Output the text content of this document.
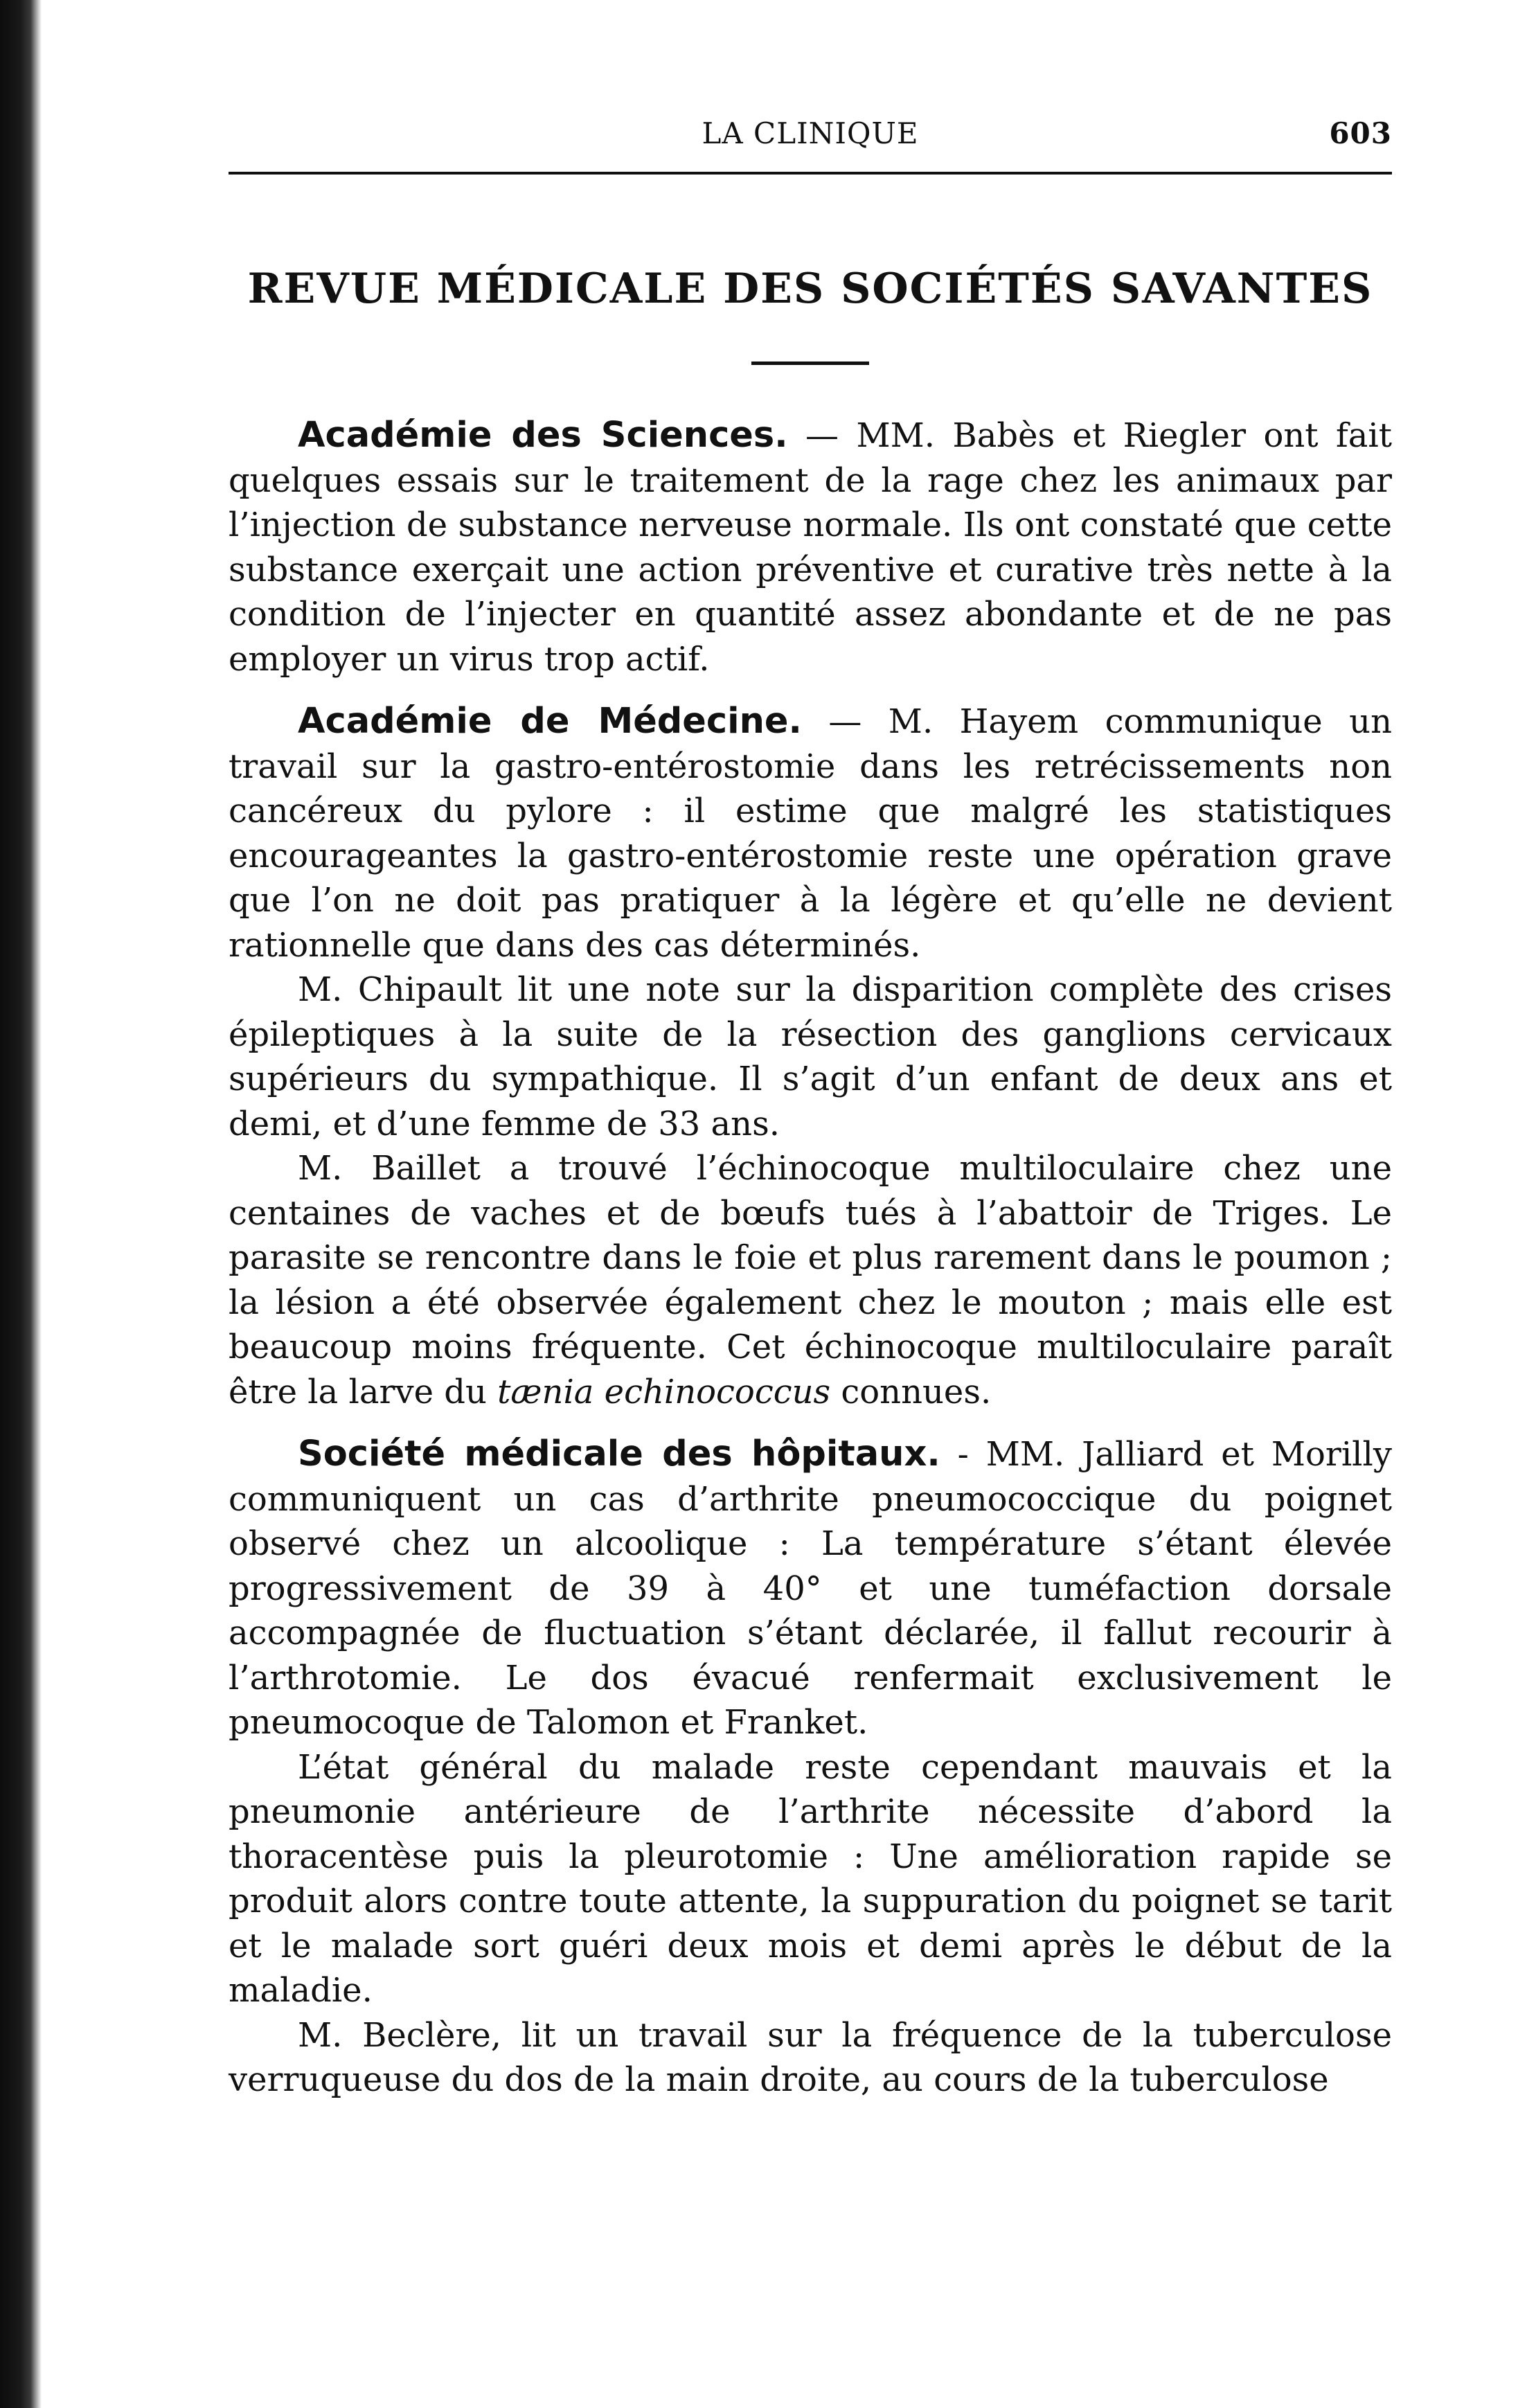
LA CLINIQUE	603
REVUE MÉDICALE DES SOCIÉTÉS SAVANTES

Académie des Sciences. — MM. Babès et Riegler ont fait quelques essais sur le traitement de la rage chez les animaux par l’injection de substance nerveuse normale. Ils ont constaté que cette substance exerçait une action préventive et curative très nette à la condition de l’injecter en quantité assez abondante et de ne pas employer un virus trop actif.

Académie de Médecine. — M. Hayem communique un travail sur la gastro-entérostomie dans les retrécissements non cancéreux du pylore : il estime que malgré les statistiques encourageantes la gastro-entérostomie reste une opération grave que l’on ne doit pas pratiquer à la légère et qu’elle ne devient rationnelle que dans des cas déterminés.

M. Chipault lit une note sur la disparition complète des crises épileptiques à la suite de la résection des ganglions cervicaux supérieurs du sympathique. Il s’agit d’un enfant de deux ans et demi, et d’une femme de 33 ans.

M. Baillet a trouvé l’échinocoque multiloculaire chez une centaines de vaches et de bœufs tués à l’abattoir de Triges. Le parasite se rencontre dans le foie et plus rarement dans le poumon ; la lésion a été observée également chez le mouton ; mais elle est beaucoup moins fréquente. Cet échinocoque multiloculaire paraît être la larve du tænia echinococcus connues.

Société médicale des hôpitaux. - MM. Jalliard et Morilly communiquent un cas d’arthrite pneumococcique du poignet observé chez un alcoolique : La température s’étant élevée progressivement de 39 à 40° et une tuméfaction dorsale accompagnée de fluctuation s’étant déclarée, il fallut recourir à l’arthrotomie. Le dos évacué renfermait exclusivement le pneumocoque de Talomon et Franket.

L’état général du malade reste cependant mauvais et la pneumonie antérieure de l’arthrite nécessite d’abord la thoracentèse puis la pleurotomie : Une amélioration rapide se produit alors contre toute attente, la suppuration du poignet se tarit et le malade sort guéri deux mois et demi après le début de la maladie.

M. Beclère, lit un travail sur la fréquence de la tuberculose verruqueuse du dos de la main droite, au cours de la tuberculose
